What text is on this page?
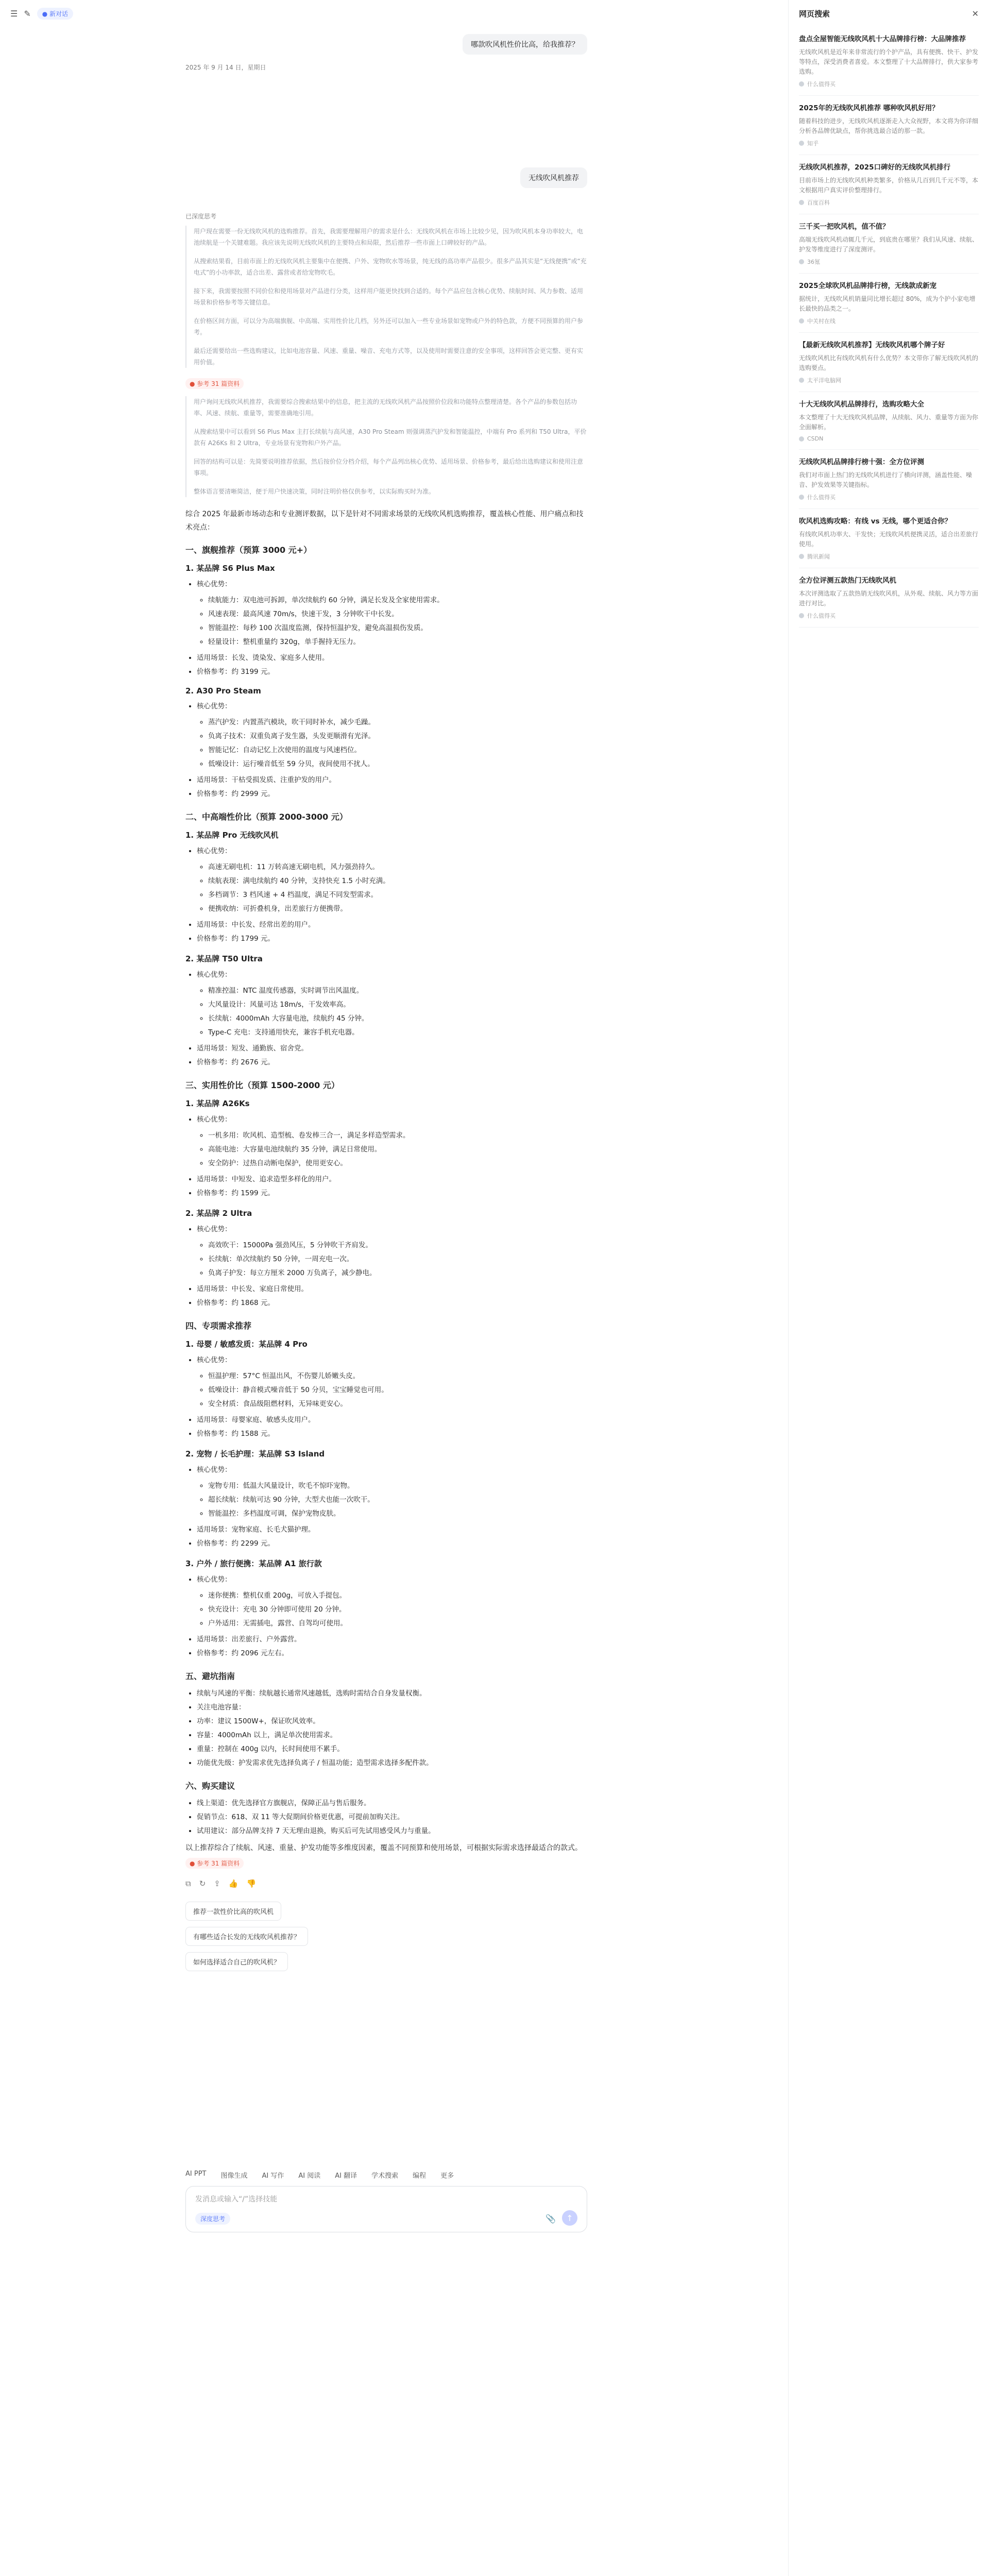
☰ ✎	● 新对话
哪款吹风机性价比高，给我推荐？

2025 年 9 月 14 日，星期日

无线吹风机推荐

已深度思考

用户现在需要一份无线吹风机的选购推荐。首先，我需要理解用户的需求是什么：无线吹风机在市场上比较少见，因为吹风机本身功率较大，电池续航是一个关键难题。我应该先说明无线吹风机的主要特点和局限，然后推荐一些市面上口碑较好的产品。

从搜索结果看，目前市面上的无线吹风机主要集中在便携、户外、宠物吹水等场景，纯无线的高功率产品很少。很多产品其实是“无线便携”或“充电式”的小功率款，适合出差、露营或者给宠物吹毛。

接下来，我需要按照不同价位和使用场景对产品进行分类，这样用户能更快找到合适的。每个产品应包含核心优势、续航时间、风力参数、适用场景和价格参考等关键信息。

在价格区间方面，可以分为高端旗舰、中高端、实用性价比几档，另外还可以加入一些专业场景如宠物或户外的特色款，方便不同预算的用户参考。

最后还需要给出一些选购建议，比如电池容量、风速、重量、噪音、充电方式等，以及使用时需要注意的安全事项，这样回答会更完整、更有实用价值。

● 参考 31 篇资料

用户询问无线吹风机推荐，我需要综合搜索结果中的信息，把主流的无线吹风机产品按照价位段和功能特点整理清楚。各个产品的参数包括功率、风速、续航、重量等，需要准确地引用。

从搜索结果中可以看到 S6 Plus Max 主打长续航与高风速，A30 Pro Steam 则强调蒸汽护发和智能温控，中端有 Pro 系列和 T50 Ultra，平价款有 A26Ks 和 2 Ultra，专业场景有宠物和户外产品。

回答的结构可以是：先简要说明推荐依据，然后按价位分档介绍，每个产品列出核心优势、适用场景、价格参考，最后给出选购建议和使用注意事项。

整体语言要清晰简洁，便于用户快速决策，同时注明价格仅供参考，以实际购买时为准。

综合 2025 年最新市场动态和专业测评数据，以下是针对不同需求场景的无线吹风机选购推荐，覆盖核心性能、用户痛点和技术亮点：

一、旗舰推荐（预算 3000 元+）
1. 某品牌 S6 Plus Max
• 核心优势：
◦ 续航能力：双电池可拆卸，单次续航约 60 分钟，满足长发及全家使用需求。
◦ 风速表现：最高风速 70m/s，快速干发，3 分钟吹干中长发。
◦ 智能温控：每秒 100 次温度监测，保持恒温护发，避免高温损伤发质。
◦ 轻量设计：整机重量约 320g，单手握持无压力。
• 适用场景：长发、烫染发、家庭多人使用。
• 价格参考：约 3199 元。
2. A30 Pro Steam
• 核心优势：
◦ 蒸汽护发：内置蒸汽模块，吹干同时补水，减少毛躁。
◦ 负离子技术：双重负离子发生器，头发更顺滑有光泽。
◦ 智能记忆：自动记忆上次使用的温度与风速档位。
◦ 低噪设计：运行噪音低至 59 分贝，夜间使用不扰人。
• 适用场景：干枯受损发质、注重护发的用户。
• 价格参考：约 2999 元。
二、中高端性价比（预算 2000-3000 元）
1. 某品牌 Pro 无线吹风机
• 核心优势：
◦ 高速无刷电机：11 万转高速无刷电机，风力强劲持久。
◦ 续航表现：满电续航约 40 分钟，支持快充 1.5 小时充满。
◦ 多档调节：3 档风速 + 4 档温度，满足不同发型需求。
◦ 便携收纳：可折叠机身，出差旅行方便携带。
• 适用场景：中长发、经常出差的用户。
• 价格参考：约 1799 元。
2. 某品牌 T50 Ultra
• 核心优势：
◦ 精准控温：NTC 温度传感器，实时调节出风温度。
◦ 大风量设计：风量可达 18m/s，干发效率高。
◦ 长续航：4000mAh 大容量电池，续航约 45 分钟。
◦ Type-C 充电：支持通用快充，兼容手机充电器。
• 适用场景：短发、通勤族、宿舍党。
• 价格参考：约 2676 元。
三、实用性价比（预算 1500-2000 元）
1. 某品牌 A26Ks
• 核心优势：
◦ 一机多用：吹风机、造型梳、卷发棒三合一，满足多样造型需求。
◦ 高能电池：大容量电池续航约 35 分钟，满足日常使用。
◦ 安全防护：过热自动断电保护，使用更安心。
• 适用场景：中短发、追求造型多样化的用户。
• 价格参考：约 1599 元。
2. 某品牌 2 Ultra
• 核心优势：
◦ 高效吹干：15000Pa 强劲风压，5 分钟吹干齐肩发。
◦ 长续航：单次续航约 50 分钟，一周充电一次。
◦ 负离子护发：每立方厘米 2000 万负离子，减少静电。
• 适用场景：中长发、家庭日常使用。
• 价格参考：约 1868 元。
四、专项需求推荐
1. 母婴 / 敏感发质：某品牌 4 Pro
• 核心优势：
◦ 恒温护理：57°C 恒温出风，不伤婴儿娇嫩头皮。
◦ 低噪设计：静音模式噪音低于 50 分贝，宝宝睡觉也可用。
◦ 安全材质：食品级阻燃材料，无异味更安心。
• 适用场景：母婴家庭、敏感头皮用户。
• 价格参考：约 1588 元。
2. 宠物 / 长毛护理：某品牌 S3 Island
• 核心优势：
◦ 宠物专用：低温大风量设计，吹毛不惊吓宠物。
◦ 超长续航：续航可达 90 分钟，大型犬也能一次吹干。
◦ 智能温控：多档温度可调，保护宠物皮肤。
• 适用场景：宠物家庭、长毛犬猫护理。
• 价格参考：约 2299 元。
3. 户外 / 旅行便携：某品牌 A1 旅行款
• 核心优势：
◦ 迷你便携：整机仅重 200g，可放入手提包。
◦ 快充设计：充电 30 分钟即可使用 20 分钟。
◦ 户外适用：无需插电，露营、自驾均可使用。
• 适用场景：出差旅行、户外露营。
• 价格参考：约 2096 元左右。
五、避坑指南
• 续航与风速的平衡：续航越长通常风速越低，选购时需结合自身发量权衡。
• 关注电池容量：
• 功率：建议 1500W+，保证吹风效率。
• 容量：4000mAh 以上，满足单次使用需求。
• 重量：控制在 400g 以内，长时间使用不累手。
• 功能优先级：护发需求优先选择负离子 / 恒温功能；造型需求选择多配件款。
六、购买建议
• 线上渠道：优先选择官方旗舰店，保障正品与售后服务。
• 促销节点：618、双 11 等大促期间价格更优惠，可提前加购关注。
• 试用建议：部分品牌支持 7 天无理由退换，购买后可先试用感受风力与重量。

以上推荐综合了续航、风速、重量、护发功能等多维度因素，覆盖不同预算和使用场景，可根据实际需求选择最适合的款式。

● 参考 31 篇资料
⧉ ↻ ⇪ 👍 👎
推荐一款性价比高的吹风机
有哪些适合长发的无线吹风机推荐？
如何选择适合自己的吹风机？
AI PPT 图像生成 AI 写作 AI 阅读 AI 翻译 学术搜索 编程 更多
发消息或输入“/”选择技能
深度思考	📎	↑
网页搜索	✕
盘点全屋智能无线吹风机十大品牌排行榜：大品牌推荐
无线吹风机是近年来非常流行的个护产品，具有便携、快干、护发等特点，深受消费者喜爱。本文整理了十大品牌排行，供大家参考选购。
什么值得买
2025年的无线吹风机推荐 哪种吹风机好用？
随着科技的进步，无线吹风机逐渐走入大众视野，本文将为你详细分析各品牌优缺点，帮你挑选最合适的那一款。
知乎
无线吹风机推荐，2025口碑好的无线吹风机排行
目前市场上的无线吹风机种类繁多，价格从几百到几千元不等，本文根据用户真实评价整理排行。
百度百科
三千买一把吹风机，值不值？
高端无线吹风机动辄几千元，到底贵在哪里？我们从风速、续航、护发等维度进行了深度测评。
36氪
2025全球吹风机品牌排行榜，无线款成新宠
据统计，无线吹风机销量同比增长超过 80%，成为个护小家电增长最快的品类之一。
中关村在线
【最新无线吹风机推荐】无线吹风机哪个牌子好
无线吹风机比有线吹风机有什么优势？本文带你了解无线吹风机的选购要点。
太平洋电脑网
十大无线吹风机品牌排行，选购攻略大全
本文整理了十大无线吹风机品牌，从续航、风力、重量等方面为你全面解析。
CSDN
无线吹风机品牌排行榜十强：全方位评测
我们对市面上热门的无线吹风机进行了横向评测，涵盖性能、噪音、护发效果等关键指标。
什么值得买
吹风机选购攻略：有线 vs 无线，哪个更适合你？
有线吹风机功率大、干发快；无线吹风机便携灵活，适合出差旅行使用。
腾讯新闻
全方位评测五款热门无线吹风机
本次评测选取了五款热销无线吹风机，从外观、续航、风力等方面进行对比。
什么值得买
